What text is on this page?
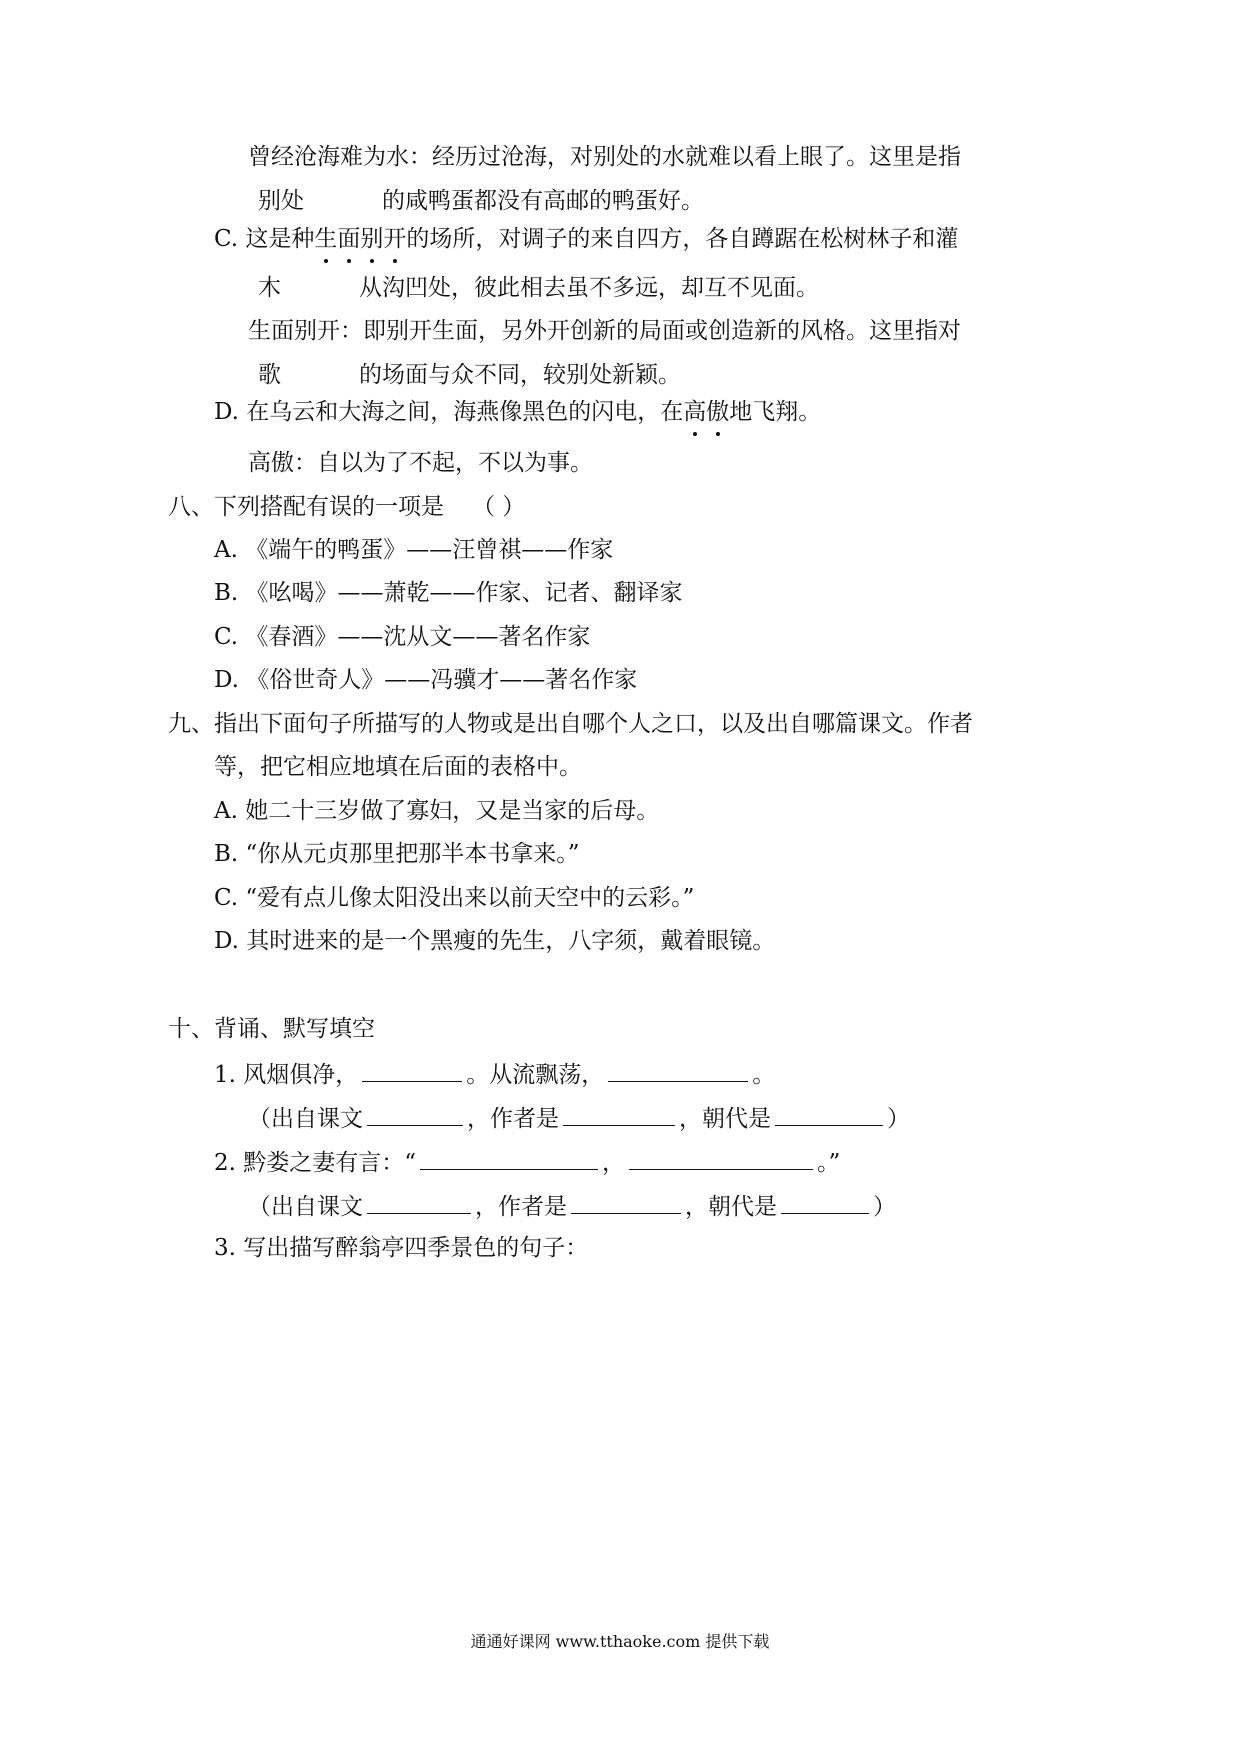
曾经沧海难为水：经历过沧海，对别处的水就难以看上眼了。这里是指
别处	的咸鸭蛋都没有高邮的鸭蛋好。
C. 这是种生面别开的场所，对调子的来自四方，各自蹲踞在松树林子和灌
木	从沟凹处，彼此相去虽不多远，却互不见面。
生面别开：即别开生面，另外开创新的局面或创造新的风格。这里指对
歌	的场面与众不同，较别处新颖。
D. 在乌云和大海之间，海燕像黑色的闪电，在高傲地飞翔。
高傲：自以为了不起，不以为事。
八、下列搭配有误的一项是 （ ）
A. 《端午的鸭蛋》——汪曾祺——作家
B. 《吆喝》——萧乾——作家、记者、翻译家
C. 《春酒》——沈从文——著名作家
D. 《俗世奇人》——冯骥才——著名作家
九、指出下面句子所描写的人物或是出自哪个人之口，以及出自哪篇课文。作者
等，把它相应地填在后面的表格中。
A. 她二十三岁做了寡妇，又是当家的后母。
B. “你从元贞那里把那半本书拿来。”
C. “爱有点儿像太阳没出来以前天空中的云彩。”
D. 其时进来的是一个黑瘦的先生，八字须，戴着眼镜。
十、背诵、默写填空
1. 风烟俱净，	。从流飘荡，	。
（出自课文	，作者是	，朝代是	）
2. 黔娄之妻有言：“	，	。”
（出自课文	，作者是	，朝代是	）
3. 写出描写醉翁亭四季景色的句子：
通通好课网 www.tthaoke.com 提供下载
